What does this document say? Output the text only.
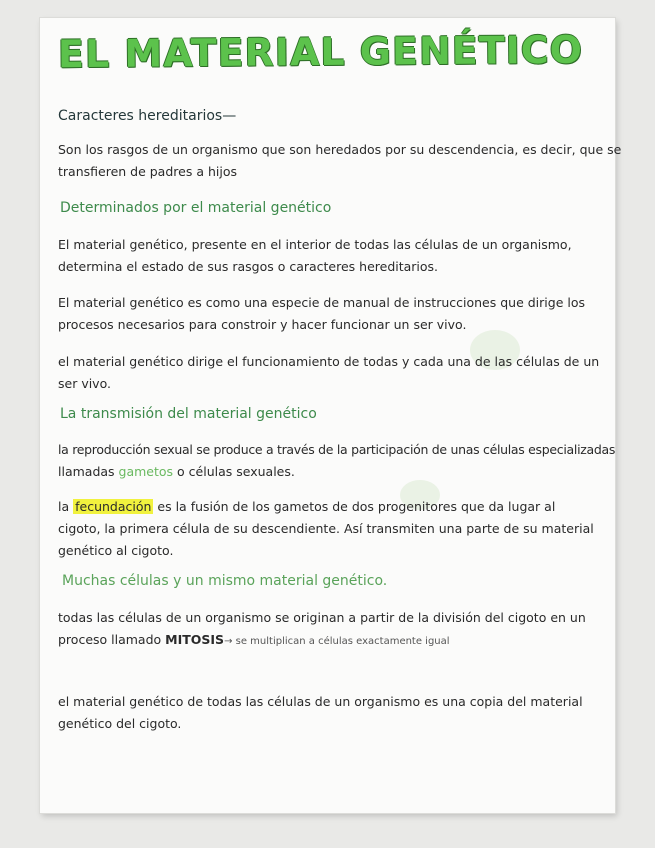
EL MATERIAL GENÉTICO
Caracteres hereditarios—
Son los rasgos de un organismo que son heredados por su descendencia, es decir, que se
transfieren de padres a hijos
Determinados por el material genético
El material genético, presente en el interior de todas las células de un organismo,
determina el estado de sus rasgos o caracteres hereditarios.
El material genético es como una especie de manual de instrucciones que dirige los
procesos necesarios para constroir y hacer funcionar un ser vivo.
el material genético dirige el funcionamiento de todas y cada una de las células de un
ser vivo.
La transmisión del material genético
la reproducción sexual se produce a través de la participación de unas células especializadas
llamadas gametos o células sexuales.
la fecundación es la fusión de los gametos de dos progenitores que da lugar al
cigoto, la primera célula de su descendiente. Así transmiten una parte de su material
genético al cigoto.
Muchas células y un mismo material genético.
todas las células de un organismo se originan a partir de la división del cigoto en un
proceso llamado MITOSIS→ se multiplican a células exactamente igual
el material genético de todas las células de un organismo es una copia del material
genético del cigoto.
